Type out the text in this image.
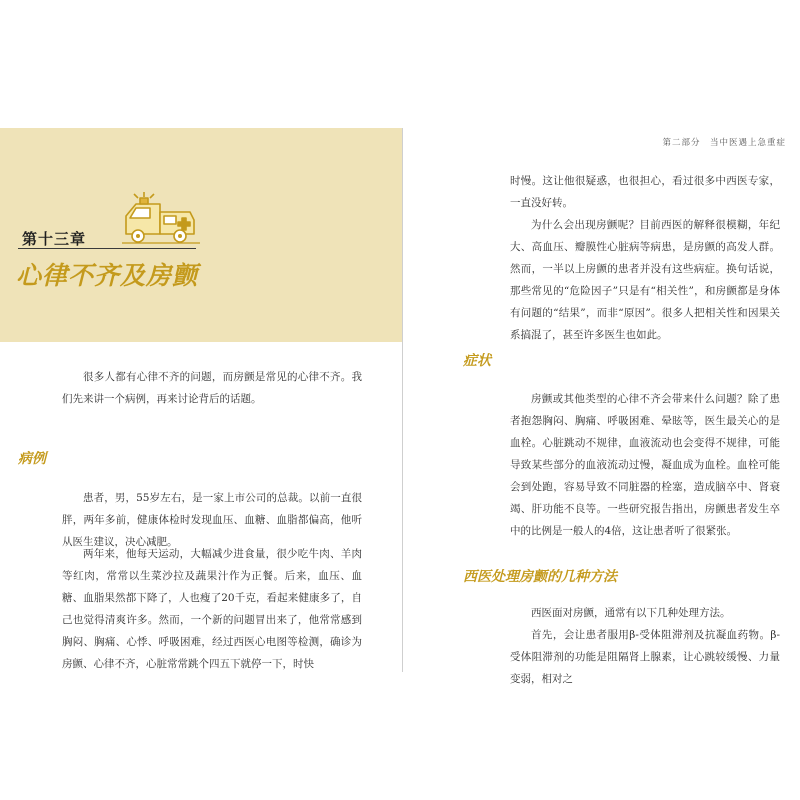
第十三章
心律不齐及房颤

很多人都有心律不齐的问题，而房颤是常见的心律不齐。我们先来讲一个病例，再来讨论背后的话题。

病例

患者，男，55岁左右，是一家上市公司的总裁。以前一直很胖，两年多前，健康体检时发现血压、血糖、血脂都偏高，他听从医生建议，决心减肥。

两年来，他每天运动，大幅减少进食量，很少吃牛肉、羊肉等红肉，常常以生菜沙拉及蔬果汁作为正餐。后来，血压、血糖、血脂果然都下降了，人也瘦了20千克，看起来健康多了，自己也觉得清爽许多。然而，一个新的问题冒出来了，他常常感到胸闷、胸痛、心悸、呼吸困难，经过西医心电图等检测，确诊为房颤、心律不齐，心脏常常跳个四五下就停一下，时快

第二部分　当中医遇上急重症

时慢。这让他很疑惑，也很担心，看过很多中西医专家，一直没好转。

为什么会出现房颤呢？目前西医的解释很模糊，年纪大、高血压、瓣膜性心脏病等病患，是房颤的高发人群。然而，一半以上房颤的患者并没有这些病症。换句话说，那些常见的“危险因子”只是有“相关性”，和房颤都是身体有问题的“结果”，而非“原因”。很多人把相关性和因果关系搞混了，甚至许多医生也如此。

症状

房颤或其他类型的心律不齐会带来什么问题？除了患者抱怨胸闷、胸痛、呼吸困难、晕眩等，医生最关心的是血栓。心脏跳动不规律，血液流动也会变得不规律，可能导致某些部分的血液流动过慢，凝血成为血栓。血栓可能会到处跑，容易导致不同脏器的栓塞，造成脑卒中、肾衰竭、肝功能不良等。一些研究报告指出，房颤患者发生卒中的比例是一般人的4倍，这让患者听了很紧张。

西医处理房颤的几种方法

西医面对房颤，通常有以下几种处理方法。

首先，会让患者服用β-受体阻滞剂及抗凝血药物。β-受体阻滞剂的功能是阻隔肾上腺素，让心跳较缓慢、力量变弱，相对之
